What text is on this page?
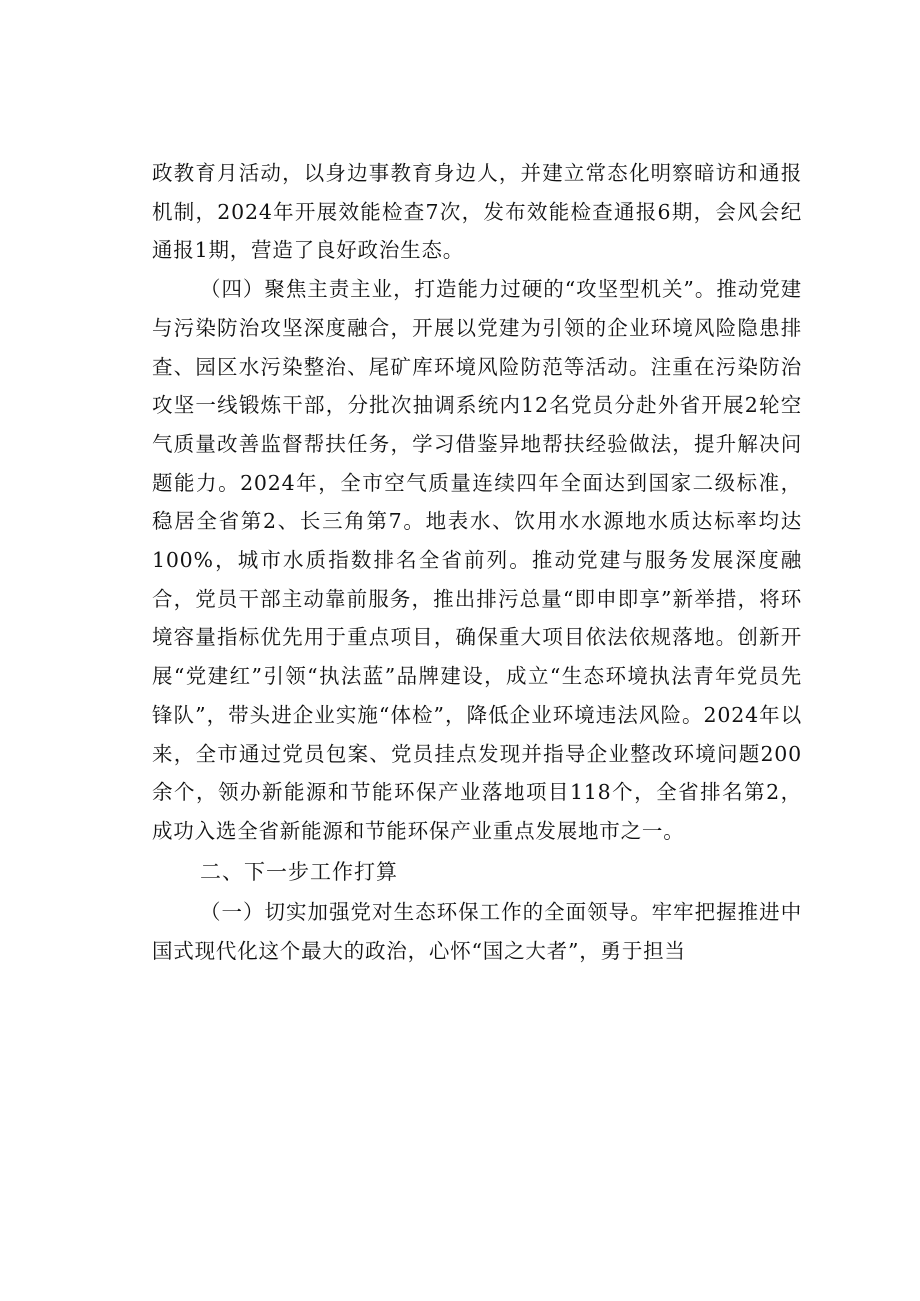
政教育月活动，以身边事教育身边人，并建立常态化明察暗访和通报机制，2024年开展效能检查7次，发布效能检查通报6期，会风会纪通报1期，营造了良好政治生态。

（四）聚焦主责主业，打造能力过硬的“攻坚型机关”。推动党建与污染防治攻坚深度融合，开展以党建为引领的企业环境风险隐患排查、园区水污染整治、尾矿库环境风险防范等活动。注重在污染防治攻坚一线锻炼干部，分批次抽调系统内12名党员分赴外省开展2轮空气质量改善监督帮扶任务，学习借鉴异地帮扶经验做法，提升解决问题能力。2024年，全市空气质量连续四年全面达到国家二级标准，稳居全省第2、长三角第7。地表水、饮用水水源地水质达标率均达100%，城市水质指数排名全省前列。推动党建与服务发展深度融合，党员干部主动靠前服务，推出排污总量“即申即享”新举措，将环境容量指标优先用于重点项目，确保重大项目依法依规落地。创新开展“党建红”引领“执法蓝”品牌建设，成立“生态环境执法青年党员先锋队”，带头进企业实施“体检”，降低企业环境违法风险。2024年以来，全市通过党员包案、党员挂点发现并指导企业整改环境问题200余个，领办新能源和节能环保产业落地项目118个，全省排名第2，成功入选全省新能源和节能环保产业重点发展地市之一。

二、下一步工作打算

（一）切实加强党对生态环保工作的全面领导。牢牢把握推进中国式现代化这个最大的政治，心怀“国之大者”，勇于担当
